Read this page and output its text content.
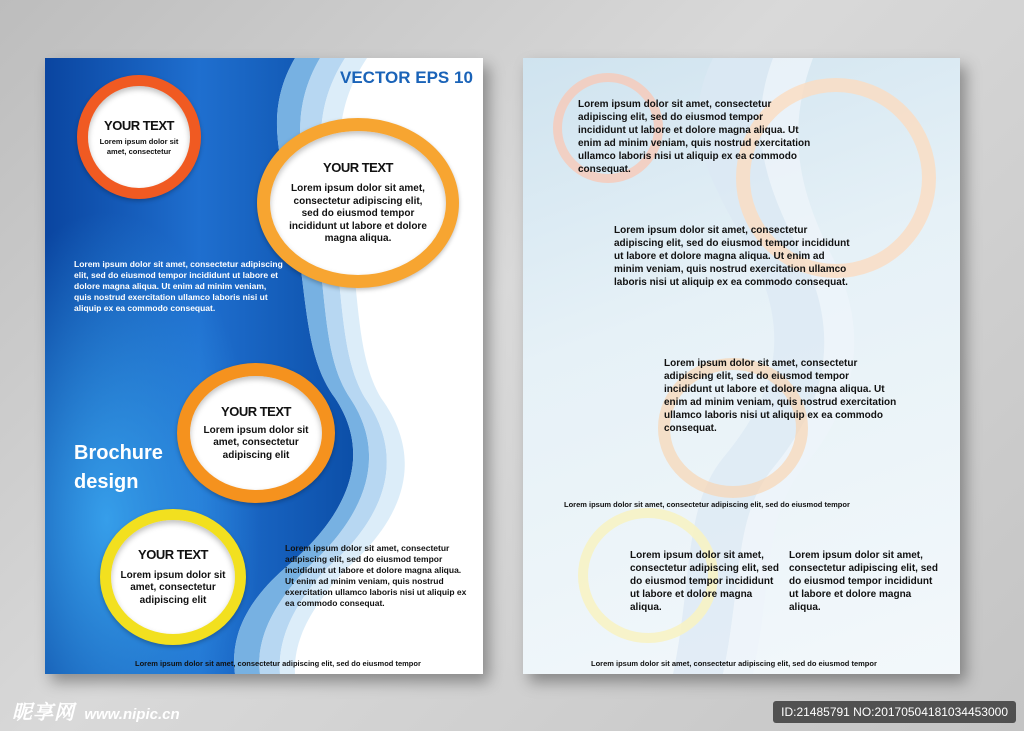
VECTOR EPS 10
YOUR TEXT
Lorem ipsum dolor sit amet, consectetur
YOUR TEXT
Lorem ipsum dolor sit amet, consectetur adipiscing elit, sed do eiusmod tempor incididunt ut labore et dolore magna aliqua.
Lorem ipsum dolor sit amet, consectetur adipiscing elit, sed do eiusmod tempor incididunt ut labore et dolore magna aliqua. Ut enim ad minim veniam, quis nostrud exercitation ullamco laboris nisi ut aliquip ex ea commodo consequat.
YOUR TEXT
Lorem ipsum dolor sit amet, consectetur adipiscing elit
Brochure
design
YOUR TEXT
Lorem ipsum dolor sit amet, consectetur adipiscing elit
Lorem ipsum dolor sit amet, consectetur adipiscing elit, sed do eiusmod tempor incididunt ut labore et dolore magna aliqua. Ut enim ad minim veniam, quis nostrud exercitation ullamco laboris nisi ut aliquip ex ea commodo consequat.
Lorem ipsum dolor sit amet, consectetur adipiscing elit, sed do eiusmod tempor
Lorem ipsum dolor sit amet, consectetur adipiscing elit, sed do eiusmod tempor incididunt ut labore et dolore magna aliqua. Ut enim ad minim veniam, quis nostrud exercitation ullamco laboris nisi ut aliquip ex ea commodo consequat.
Lorem ipsum dolor sit amet, consectetur adipiscing elit, sed do eiusmod tempor incididunt ut labore et dolore magna aliqua. Ut enim ad minim veniam, quis nostrud exercitation ullamco laboris nisi ut aliquip ex ea commodo consequat.
Lorem ipsum dolor sit amet, consectetur adipiscing elit, sed do eiusmod tempor incididunt ut labore et dolore magna aliqua. Ut enim ad minim veniam, quis nostrud exercitation ullamco laboris nisi ut aliquip ex ea commodo consequat.
Lorem ipsum dolor sit amet, consectetur adipiscing elit, sed do eiusmod tempor
Lorem ipsum dolor sit amet, consectetur adipiscing elit, sed do eiusmod tempor incididunt ut labore et dolore magna aliqua.
Lorem ipsum dolor sit amet, consectetur adipiscing elit, sed do eiusmod tempor incididunt ut labore et dolore magna aliqua.
Lorem ipsum dolor sit amet, consectetur adipiscing elit, sed do eiusmod tempor
昵享网 www.nipic.cn	ID:21485791 NO:20170504181034453000
